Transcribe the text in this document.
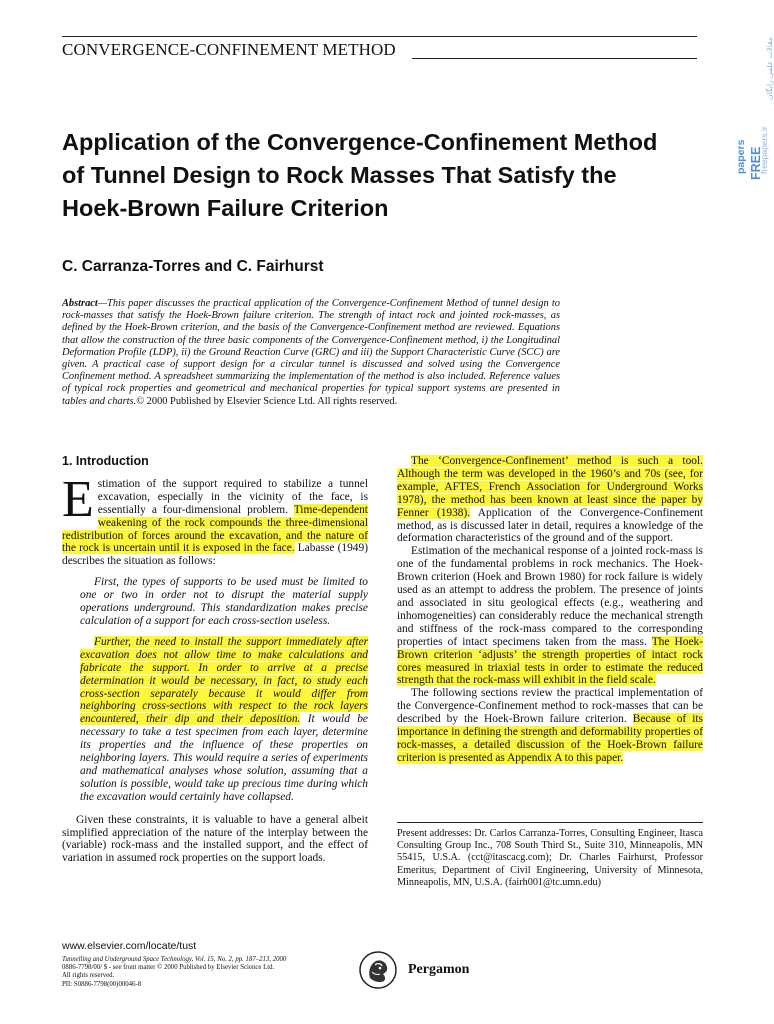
CONVERGENCE-CONFINEMENT METHOD
papers FREE
freepapers.ir
مقالات علمی رایگان
Application of the Convergence-Confinement Method of Tunnel Design to Rock Masses That Satisfy the Hoek-Brown Failure Criterion
C. Carranza-Torres and C. Fairhurst
Abstract—This paper discusses the practical application of the Convergence-Confinement Method of tunnel design to rock-masses that satisfy the Hoek-Brown failure criterion. The strength of intact rock and jointed rock-masses, as defined by the Hoek-Brown criterion, and the basis of the Convergence-Confinement method are reviewed. Equations that allow the construction of the three basic components of the Convergence-Confinement method, i) the Longitudinal Deformation Profile (LDP), ii) the Ground Reaction Curve (GRC) and iii) the Support Characteristic Curve (SCC) are given. A practical case of support design for a circular tunnel is discussed and solved using the Convergence Confinement method. A spreadsheet summarizing the implementation of the method is also included. Reference values of typical rock properties and geometrical and mechanical properties for typical support systems are presented in tables and charts.© 2000 Published by Elsevier Science Ltd. All rights reserved.
1. Introduction

Estimation of the support required to stabilize a tunnel excavation, especially in the vicinity of the face, is essentially a four-dimensional problem. Time-dependent weakening of the rock compounds the three-dimensional redistribution of forces around the excavation, and the nature of the rock is uncertain until it is exposed in the face. Labasse (1949) describes the situation as follows:

First, the types of supports to be used must be limited to one or two in order not to disrupt the material supply operations underground. This standardization makes precise calculation of a support for each cross-section useless.

Further, the need to install the support immediately after excavation does not allow time to make calculations and fabricate the support. In order to arrive at a precise determination it would be necessary, in fact, to study each cross-section separately because it would differ from neighboring cross-sections with respect to the rock layers encountered, their dip and their deposition. It would be necessary to take a test specimen from each layer, determine its properties and the influence of these properties on neighboring layers. This would require a series of experiments and mathematical analyses whose solution, assuming that a solution is possible, would take up precious time during which the excavation would certainly have collapsed.

Given these constraints, it is valuable to have a general albeit simplified appreciation of the nature of the interplay between the (variable) rock-mass and the installed support, and the effect of variation in assumed rock properties on the support loads.

The ‘Convergence-Confinement’ method is such a tool. Although the term was developed in the 1960’s and 70s (see, for example, AFTES, French Association for Underground Works 1978), the method has been known at least since the paper by Fenner (1938). Application of the Convergence-Confinement method, as is discussed later in detail, requires a knowledge of the deformation characteristics of the ground and of the support.

Estimation of the mechanical response of a jointed rock-mass is one of the fundamental problems in rock mechanics. The Hoek-Brown criterion (Hoek and Brown 1980) for rock failure is widely used as an attempt to address the problem. The presence of joints and associated in situ geological effects (e.g., weathering and inhomogeneities) can considerably reduce the mechanical strength and stiffness of the rock-mass compared to the corresponding properties of intact specimens taken from the mass. The Hoek-Brown criterion ‘adjusts’ the strength properties of intact rock cores measured in triaxial tests in order to estimate the reduced strength that the rock-mass will exhibit in the field scale.

The following sections review the practical implementation of the Convergence-Confinement method to rock-masses that can be described by the Hoek-Brown failure criterion. Because of its importance in defining the strength and deformability properties of rock-masses, a detailed discussion of the Hoek-Brown failure criterion is presented as Appendix A to this paper.

Present addresses: Dr. Carlos Carranza-Torres, Consulting Engineer, Itasca Consulting Group Inc., 708 South Third St., Suite 310, Minneapolis, MN 55415, U.S.A. (cct@itascacg.com); Dr. Charles Fairhurst, Professor Emeritus, Department of Civil Engineering, University of Minnesota, Minneapolis, MN, U.S.A. (fairh001@tc.umn.edu)
www.elsevier.com/locate/tust
Tunnelling and Underground Space Technology, Vol. 15, No. 2, pp. 187–213, 2000
0886-7798/00/ $ - see front matter © 2000 Published by Elsevier Science Ltd.
All rights reserved.
PII: S0886-7798(00)00046-8
Pergamon
